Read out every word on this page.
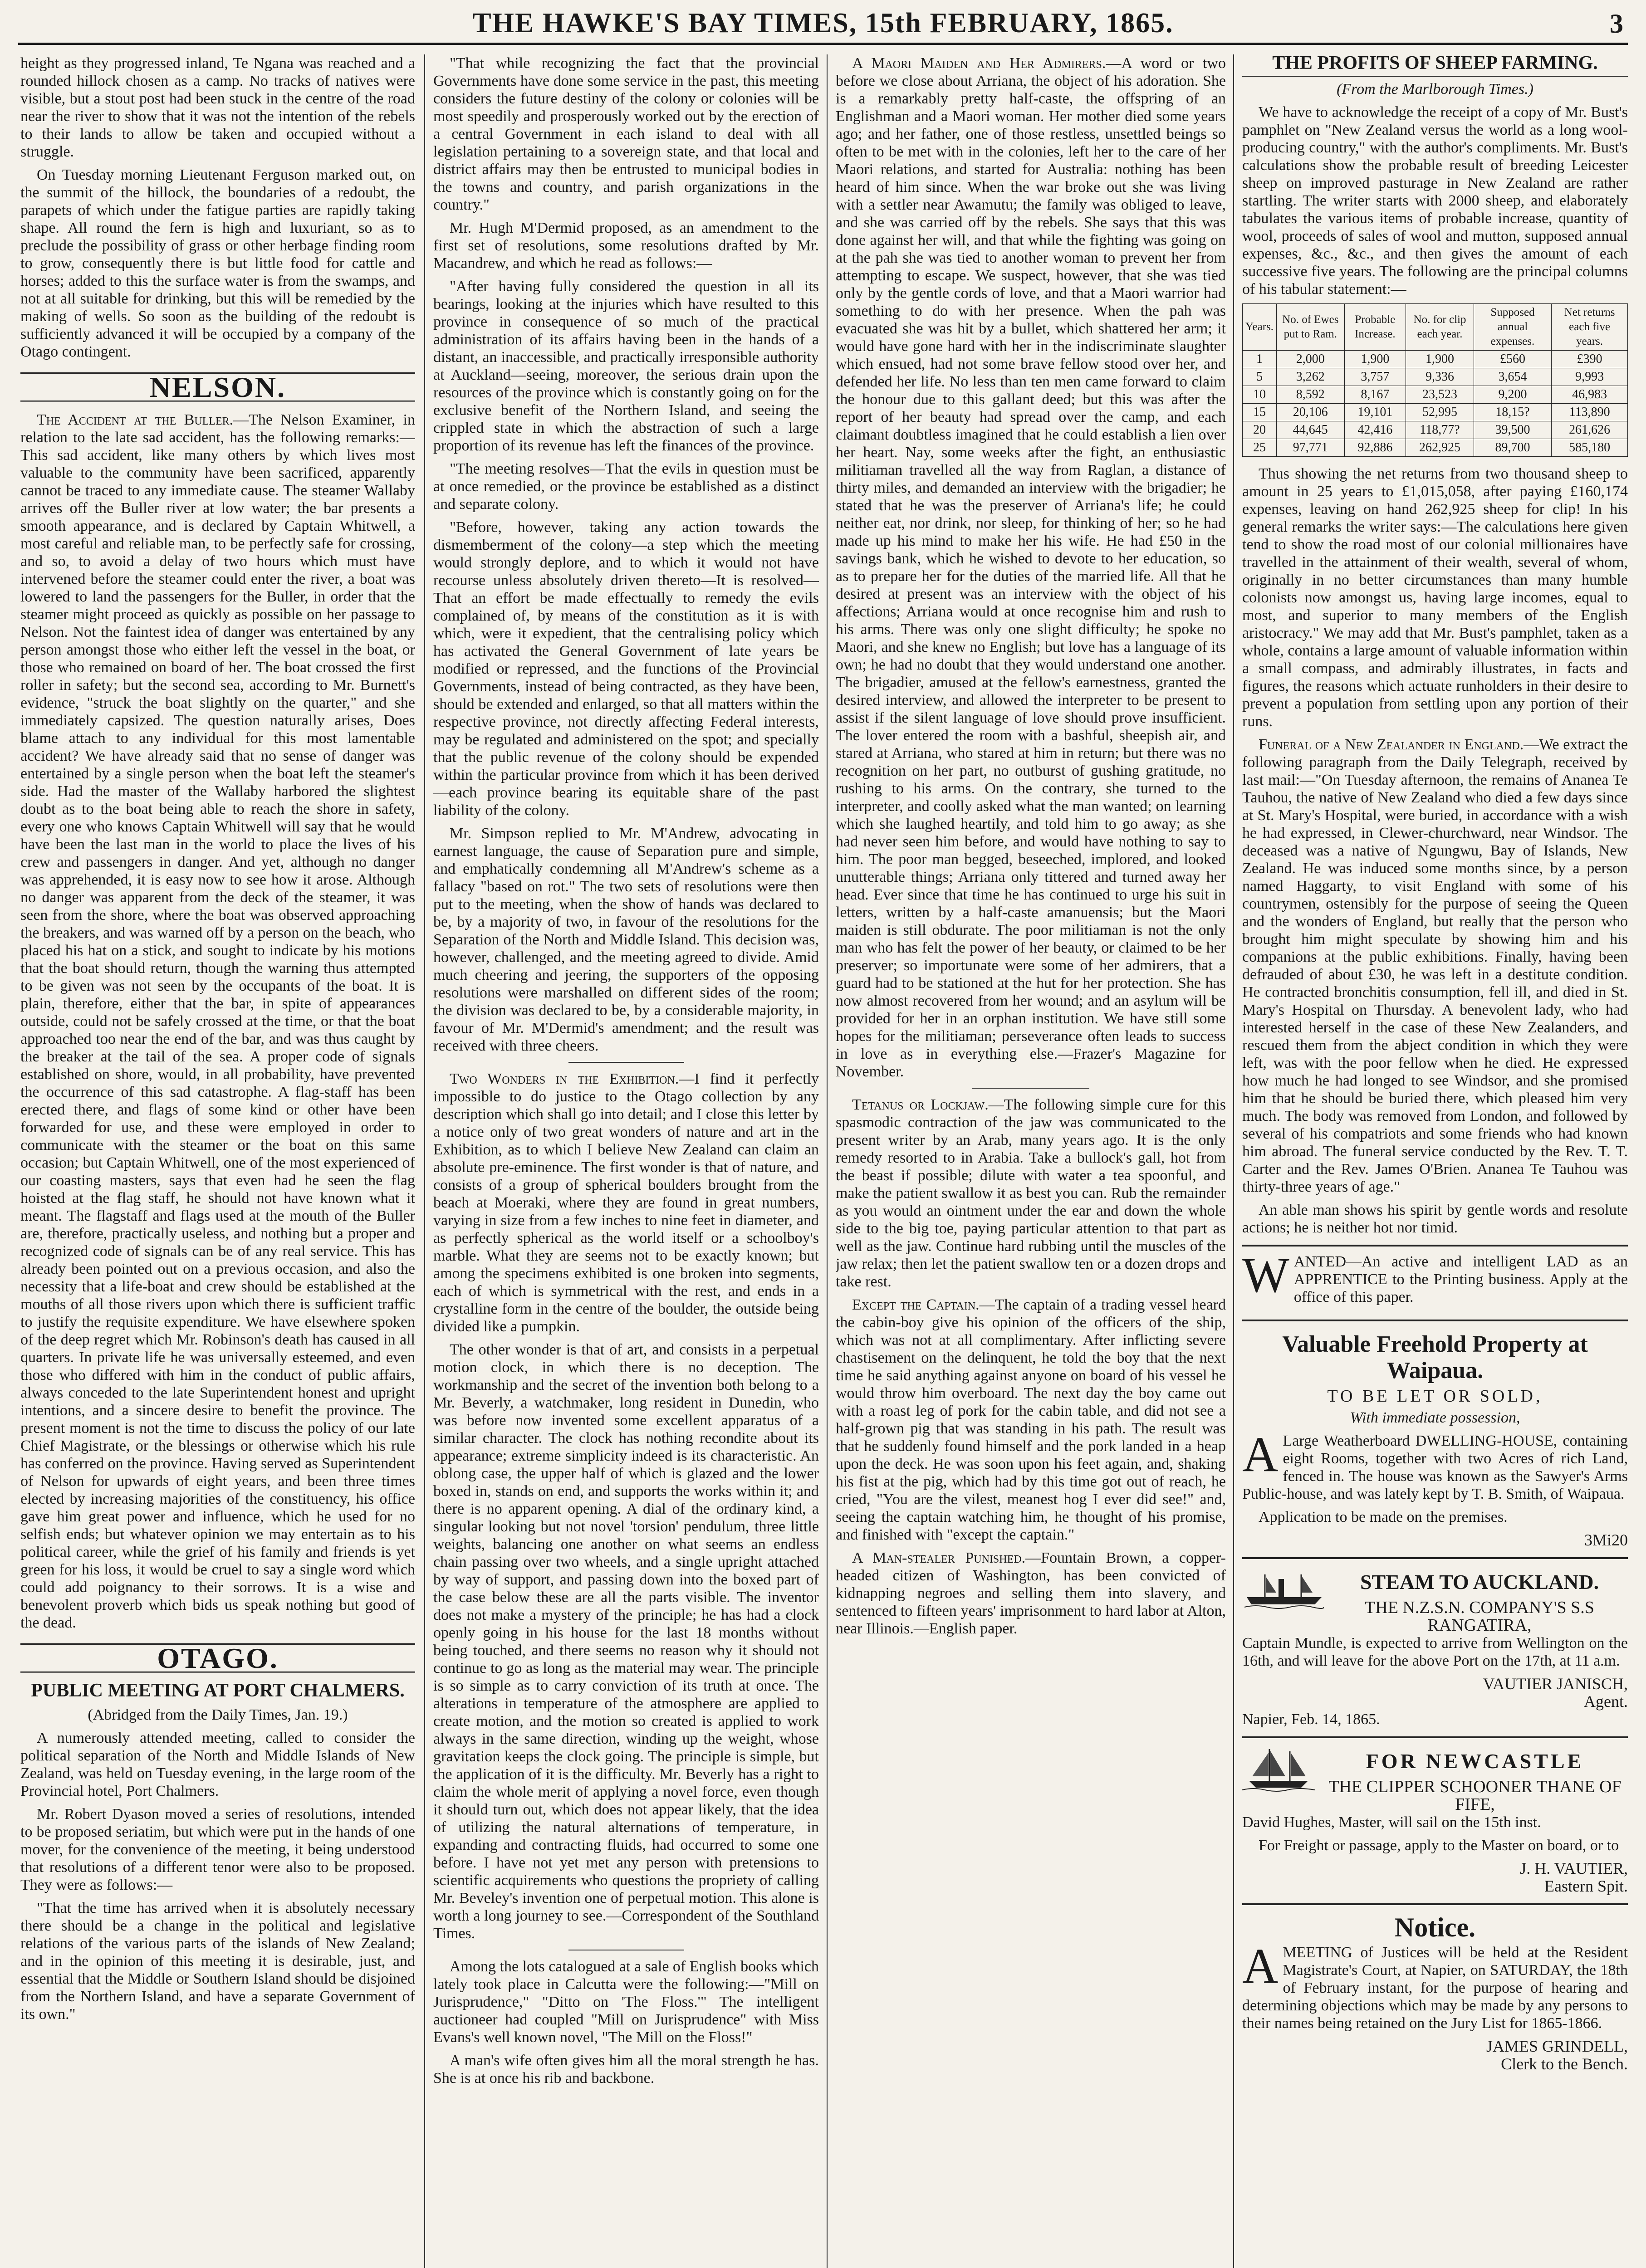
THE HAWKE'S BAY TIMES, 15th FEBRUARY, 1865.	3

height as they progressed inland, Te Ngana was reached and a rounded hillock chosen as a camp. No tracks of natives were visible, but a stout post had been stuck in the centre of the road near the river to show that it was not the intention of the rebels to their lands to allow be taken and occupied without a struggle.

On Tuesday morning Lieutenant Ferguson marked out, on the summit of the hillock, the boundaries of a redoubt, the parapets of which under the fatigue parties are rapidly taking shape. All round the fern is high and luxuriant, so as to preclude the possibility of grass or other herbage finding room to grow, consequently there is but little food for cattle and horses; added to this the surface water is from the swamps, and not at all suitable for drinking, but this will be remedied by the making of wells. So soon as the building of the redoubt is sufficiently advanced it will be occupied by a company of the Otago contingent.

NELSON.

The Accident at the Buller.—The Nelson Examiner, in relation to the late sad accident, has the following remarks:—This sad accident, like many others by which lives most valuable to the community have been sacrificed, apparently cannot be traced to any immediate cause. The steamer Wallaby arrives off the Buller river at low water; the bar presents a smooth appearance, and is declared by Captain Whitwell, a most careful and reliable man, to be perfectly safe for crossing, and so, to avoid a delay of two hours which must have intervened before the steamer could enter the river, a boat was lowered to land the passengers for the Buller, in order that the steamer might proceed as quickly as possible on her passage to Nelson. Not the faintest idea of danger was entertained by any person amongst those who either left the vessel in the boat, or those who remained on board of her. The boat crossed the first roller in safety; but the second sea, according to Mr. Burnett's evidence, "struck the boat slightly on the quarter," and she immediately capsized. The question naturally arises, Does blame attach to any individual for this most lamentable accident? We have already said that no sense of danger was entertained by a single person when the boat left the steamer's side. Had the master of the Wallaby harbored the slightest doubt as to the boat being able to reach the shore in safety, every one who knows Captain Whitwell will say that he would have been the last man in the world to place the lives of his crew and passengers in danger. And yet, although no danger was apprehended, it is easy now to see how it arose. Although no danger was apparent from the deck of the steamer, it was seen from the shore, where the boat was observed approaching the breakers, and was warned off by a person on the beach, who placed his hat on a stick, and sought to indicate by his motions that the boat should return, though the warning thus attempted to be given was not seen by the occupants of the boat. It is plain, therefore, either that the bar, in spite of appearances outside, could not be safely crossed at the time, or that the boat approached too near the end of the bar, and was thus caught by the breaker at the tail of the sea. A proper code of signals established on shore, would, in all probability, have prevented the occurrence of this sad catastrophe. A flag-staff has been erected there, and flags of some kind or other have been forwarded for use, and these were employed in order to communicate with the steamer or the boat on this same occasion; but Captain Whitwell, one of the most experienced of our coasting masters, says that even had he seen the flag hoisted at the flag staff, he should not have known what it meant. The flagstaff and flags used at the mouth of the Buller are, therefore, practically useless, and nothing but a proper and recognized code of signals can be of any real service. This has already been pointed out on a previous occasion, and also the necessity that a life-boat and crew should be established at the mouths of all those rivers upon which there is sufficient traffic to justify the requisite expenditure. We have elsewhere spoken of the deep regret which Mr. Robinson's death has caused in all quarters. In private life he was universally esteemed, and even those who differed with him in the conduct of public affairs, always conceded to the late Superintendent honest and upright intentions, and a sincere desire to benefit the province. The present moment is not the time to discuss the policy of our late Chief Magistrate, or the blessings or otherwise which his rule has conferred on the province. Having served as Superintendent of Nelson for upwards of eight years, and been three times elected by increasing majorities of the constituency, his office gave him great power and influence, which he used for no selfish ends; but whatever opinion we may entertain as to his political career, while the grief of his family and friends is yet green for his loss, it would be cruel to say a single word which could add poignancy to their sorrows. It is a wise and benevolent proverb which bids us speak nothing but good of the dead.

OTAGO.
PUBLIC MEETING AT PORT CHALMERS.

(Abridged from the Daily Times, Jan. 19.)

A numerously attended meeting, called to consider the political separation of the North and Middle Islands of New Zealand, was held on Tuesday evening, in the large room of the Provincial hotel, Port Chalmers.

Mr. Robert Dyason moved a series of resolutions, intended to be proposed seriatim, but which were put in the hands of one mover, for the convenience of the meeting, it being understood that resolutions of a different tenor were also to be proposed. They were as follows:—

"That the time has arrived when it is absolutely necessary there should be a change in the political and legislative relations of the various parts of the islands of New Zealand; and in the opinion of this meeting it is desirable, just, and essential that the Middle or Southern Island should be disjoined from the Northern Island, and have a separate Government of its own."

"That while recognizing the fact that the provincial Governments have done some service in the past, this meeting considers the future destiny of the colony or colonies will be most speedily and prosperously worked out by the erection of a central Government in each island to deal with all legislation pertaining to a sovereign state, and that local and district affairs may then be entrusted to municipal bodies in the towns and country, and parish organizations in the country."

Mr. Hugh M'Dermid proposed, as an amendment to the first set of resolutions, some resolutions drafted by Mr. Macandrew, and which he read as follows:—

"After having fully considered the question in all its bearings, looking at the injuries which have resulted to this province in consequence of so much of the practical administration of its affairs having been in the hands of a distant, an inaccessible, and practically irresponsible authority at Auckland—seeing, moreover, the serious drain upon the resources of the province which is constantly going on for the exclusive benefit of the Northern Island, and seeing the crippled state in which the abstraction of such a large proportion of its revenue has left the finances of the province.

"The meeting resolves—That the evils in question must be at once remedied, or the province be established as a distinct and separate colony.

"Before, however, taking any action towards the dismemberment of the colony—a step which the meeting would strongly deplore, and to which it would not have recourse unless absolutely driven thereto—It is resolved—That an effort be made effectually to remedy the evils complained of, by means of the constitution as it is with which, were it expedient, that the centralising policy which has activated the General Government of late years be modified or repressed, and the functions of the Provincial Governments, instead of being contracted, as they have been, should be extended and enlarged, so that all matters within the respective province, not directly affecting Federal interests, may be regulated and administered on the spot; and specially that the public revenue of the colony should be expended within the particular province from which it has been derived—each province bearing its equitable share of the past liability of the colony.

Mr. Simpson replied to Mr. M'Andrew, advocating in earnest language, the cause of Separation pure and simple, and emphatically condemning all M'Andrew's scheme as a fallacy "based on rot." The two sets of resolutions were then put to the meeting, when the show of hands was declared to be, by a majority of two, in favour of the resolutions for the Separation of the North and Middle Island. This decision was, however, challenged, and the meeting agreed to divide. Amid much cheering and jeering, the supporters of the opposing resolutions were marshalled on different sides of the room; the division was declared to be, by a considerable majority, in favour of Mr. M'Dermid's amendment; and the result was received with three cheers.

Two Wonders in the Exhibition.—I find it perfectly impossible to do justice to the Otago collection by any description which shall go into detail; and I close this letter by a notice only of two great wonders of nature and art in the Exhibition, as to which I believe New Zealand can claim an absolute pre-eminence. The first wonder is that of nature, and consists of a group of spherical boulders brought from the beach at Moeraki, where they are found in great numbers, varying in size from a few inches to nine feet in diameter, and as perfectly spherical as the world itself or a schoolboy's marble. What they are seems not to be exactly known; but among the specimens exhibited is one broken into segments, each of which is symmetrical with the rest, and ends in a crystalline form in the centre of the boulder, the outside being divided like a pumpkin.

The other wonder is that of art, and consists in a perpetual motion clock, in which there is no deception. The workmanship and the secret of the invention both belong to a Mr. Beverly, a watchmaker, long resident in Dunedin, who was before now invented some excellent apparatus of a similar character. The clock has nothing recondite about its appearance; extreme simplicity indeed is its characteristic. An oblong case, the upper half of which is glazed and the lower boxed in, stands on end, and supports the works within it; and there is no apparent opening. A dial of the ordinary kind, a singular looking but not novel 'torsion' pendulum, three little weights, balancing one another on what seems an endless chain passing over two wheels, and a single upright attached by way of support, and passing down into the boxed part of the case below these are all the parts visible. The inventor does not make a mystery of the principle; he has had a clock openly going in his house for the last 18 months without being touched, and there seems no reason why it should not continue to go as long as the material may wear. The principle is so simple as to carry conviction of its truth at once. The alterations in temperature of the atmosphere are applied to create motion, and the motion so created is applied to work always in the same direction, winding up the weight, whose gravitation keeps the clock going. The principle is simple, but the application of it is the difficulty. Mr. Beverly has a right to claim the whole merit of applying a novel force, even though it should turn out, which does not appear likely, that the idea of utilizing the natural alternations of temperature, in expanding and contracting fluids, had occurred to some one before. I have not yet met any person with pretensions to scientific acquirements who questions the propriety of calling Mr. Beveley's invention one of perpetual motion. This alone is worth a long journey to see.—Correspondent of the Southland Times.

Among the lots catalogued at a sale of English books which lately took place in Calcutta were the following:—"Mill on Jurisprudence," "Ditto on 'The Floss.'" The intelligent auctioneer had coupled "Mill on Jurisprudence" with Miss Evans's well known novel, "The Mill on the Floss!"

A man's wife often gives him all the moral strength he has. She is at once his rib and backbone.

A Maori Maiden and Her Admirers.—A word or two before we close about Arriana, the object of his adoration. She is a remarkably pretty half-caste, the offspring of an Englishman and a Maori woman. Her mother died some years ago; and her father, one of those restless, unsettled beings so often to be met with in the colonies, left her to the care of her Maori relations, and started for Australia: nothing has been heard of him since. When the war broke out she was living with a settler near Awamutu; the family was obliged to leave, and she was carried off by the rebels. She says that this was done against her will, and that while the fighting was going on at the pah she was tied to another woman to prevent her from attempting to escape. We suspect, however, that she was tied only by the gentle cords of love, and that a Maori warrior had something to do with her presence. When the pah was evacuated she was hit by a bullet, which shattered her arm; it would have gone hard with her in the indiscriminate slaughter which ensued, had not some brave fellow stood over her, and defended her life. No less than ten men came forward to claim the honour due to this gallant deed; but this was after the report of her beauty had spread over the camp, and each claimant doubtless imagined that he could establish a lien over her heart. Nay, some weeks after the fight, an enthusiastic militiaman travelled all the way from Raglan, a distance of thirty miles, and demanded an interview with the brigadier; he stated that he was the preserver of Arriana's life; he could neither eat, nor drink, nor sleep, for thinking of her; so he had made up his mind to make her his wife. He had £50 in the savings bank, which he wished to devote to her education, so as to prepare her for the duties of the married life. All that he desired at present was an interview with the object of his affections; Arriana would at once recognise him and rush to his arms. There was only one slight difficulty; he spoke no Maori, and she knew no English; but love has a language of its own; he had no doubt that they would understand one another. The brigadier, amused at the fellow's earnestness, granted the desired interview, and allowed the interpreter to be present to assist if the silent language of love should prove insufficient. The lover entered the room with a bashful, sheepish air, and stared at Arriana, who stared at him in return; but there was no recognition on her part, no outburst of gushing gratitude, no rushing to his arms. On the contrary, she turned to the interpreter, and coolly asked what the man wanted; on learning which she laughed heartily, and told him to go away; as she had never seen him before, and would have nothing to say to him. The poor man begged, beseeched, implored, and looked unutterable things; Arriana only tittered and turned away her head. Ever since that time he has continued to urge his suit in letters, written by a half-caste amanuensis; but the Maori maiden is still obdurate. The poor militiaman is not the only man who has felt the power of her beauty, or claimed to be her preserver; so importunate were some of her admirers, that a guard had to be stationed at the hut for her protection. She has now almost recovered from her wound; and an asylum will be provided for her in an orphan institution. We have still some hopes for the militiaman; perseverance often leads to success in love as in everything else.—Frazer's Magazine for November.

Tetanus or Lockjaw.—The following simple cure for this spasmodic contraction of the jaw was communicated to the present writer by an Arab, many years ago. It is the only remedy resorted to in Arabia. Take a bullock's gall, hot from the beast if possible; dilute with water a tea spoonful, and make the patient swallow it as best you can. Rub the remainder as you would an ointment under the ear and down the whole side to the big toe, paying particular attention to that part as well as the jaw. Continue hard rubbing until the muscles of the jaw relax; then let the patient swallow ten or a dozen drops and take rest.

Except the Captain.—The captain of a trading vessel heard the cabin-boy give his opinion of the officers of the ship, which was not at all complimentary. After inflicting severe chastisement on the delinquent, he told the boy that the next time he said anything against anyone on board of his vessel he would throw him overboard. The next day the boy came out with a roast leg of pork for the cabin table, and did not see a half-grown pig that was standing in his path. The result was that he suddenly found himself and the pork landed in a heap upon the deck. He was soon upon his feet again, and, shaking his fist at the pig, which had by this time got out of reach, he cried, "You are the vilest, meanest hog I ever did see!" and, seeing the captain watching him, he thought of his promise, and finished with "except the captain."

A Man-stealer Punished.—Fountain Brown, a copper-headed citizen of Washington, has been convicted of kidnapping negroes and selling them into slavery, and sentenced to fifteen years' imprisonment to hard labor at Alton, near Illinois.—English paper.

THE PROFITS OF SHEEP FARMING.

(From the Marlborough Times.)

We have to acknowledge the receipt of a copy of Mr. Bust's pamphlet on "New Zealand versus the world as a long wool-producing country," with the author's compliments. Mr. Bust's calculations show the probable result of breeding Leicester sheep on improved pasturage in New Zealand are rather startling. The writer starts with 2000 sheep, and elaborately tabulates the various items of probable increase, quantity of wool, proceeds of sales of wool and mutton, supposed annual expenses, &c., &c., and then gives the amount of each successive five years. The following are the principal columns of his tabular statement:—

Years.	No. of Ewes put to Ram.	Probable Increase.	No. for clip each year.	Supposed annual expenses.	Net returns each five years.
1	2,000	1,900	1,900	£560	£390
5	3,262	3,757	9,336	3,654	9,993
10	8,592	8,167	23,523	9,200	46,983
15	20,106	19,101	52,995	18,15?	113,890
20	44,645	42,416	118,77?	39,500	261,626
25	97,771	92,886	262,925	89,700	585,180

Thus showing the net returns from two thousand sheep to amount in 25 years to £1,015,058, after paying £160,174 expenses, leaving on hand 262,925 sheep for clip! In his general remarks the writer says:—The calculations here given tend to show the road most of our colonial millionaires have travelled in the attainment of their wealth, several of whom, originally in no better circumstances than many humble colonists now amongst us, having large incomes, equal to most, and superior to many members of the English aristocracy." We may add that Mr. Bust's pamphlet, taken as a whole, contains a large amount of valuable information within a small compass, and admirably illustrates, in facts and figures, the reasons which actuate runholders in their desire to prevent a population from settling upon any portion of their runs.

Funeral of a New Zealander in England.—We extract the following paragraph from the Daily Telegraph, received by last mail:—"On Tuesday afternoon, the remains of Ananea Te Tauhou, the native of New Zealand who died a few days since at St. Mary's Hospital, were buried, in accordance with a wish he had expressed, in Clewer-churchward, near Windsor. The deceased was a native of Ngungwu, Bay of Islands, New Zealand. He was induced some months since, by a person named Haggarty, to visit England with some of his countrymen, ostensibly for the purpose of seeing the Queen and the wonders of England, but really that the person who brought him might speculate by showing him and his companions at the public exhibitions. Finally, having been defrauded of about £30, he was left in a destitute condition. He contracted bronchitis consumption, fell ill, and died in St. Mary's Hospital on Thursday. A benevolent lady, who had interested herself in the case of these New Zealanders, and rescued them from the abject condition in which they were left, was with the poor fellow when he died. He expressed how much he had longed to see Windsor, and she promised him that he should be buried there, which pleased him very much. The body was removed from London, and followed by several of his compatriots and some friends who had known him abroad. The funeral service conducted by the Rev. T. T. Carter and the Rev. James O'Brien. Ananea Te Tauhou was thirty-three years of age."

An able man shows his spirit by gentle words and resolute actions; he is neither hot nor timid.

WANTED—An active and intelligent LAD as an APPRENTICE to the Printing business. Apply at the office of this paper.

Valuable Freehold Property at Waipaua.
TO BE LET OR SOLD,

With immediate possession,

A Large Weatherboard DWELLING-HOUSE, containing eight Rooms, together with two Acres of rich Land, fenced in. The house was known as the Sawyer's Arms Public-house, and was lately kept by T. B. Smith, of Waipaua.

Application to be made on the premises.

3Mi20
STEAM TO AUCKLAND.
THE N.Z.S.N. COMPANY'S S.S RANGATIRA,

Captain Mundle, is expected to arrive from Wellington on the 16th, and will leave for the above Port on the 17th, at 11 a.m.

VAUTIER JANISCH,
Agent.

Napier, Feb. 14, 1865.

FOR NEWCASTLE
THE CLIPPER SCHOONER THANE OF FIFE,

David Hughes, Master, will sail on the 15th inst.

For Freight or passage, apply to the Master on board, or to

J. H. VAUTIER,
Eastern Spit.
Notice.

AMEETING of Justices will be held at the Resident Magistrate's Court, at Napier, on SATURDAY, the 18th of February instant, for the purpose of hearing and determining objections which may be made by any persons to their names being retained on the Jury List for 1865-1866.

JAMES GRINDELL,
Clerk to the Bench.
